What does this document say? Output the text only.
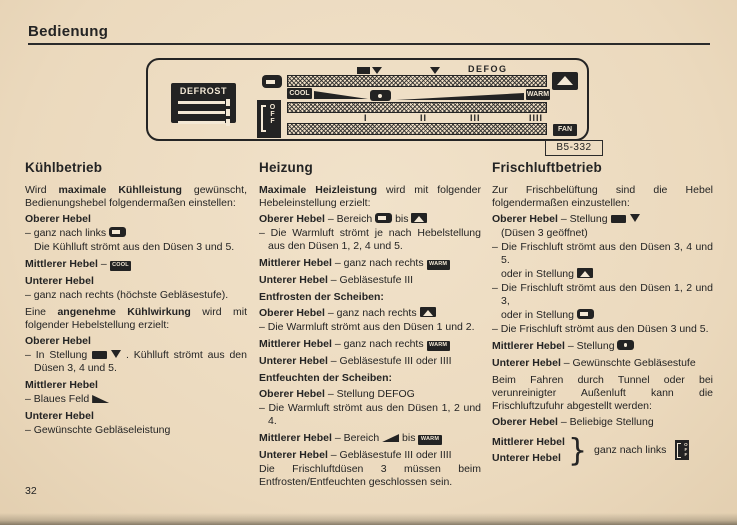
Bedienung
DEFROST
OFF
DEFOG
COOL	WARM
I	II	III	IIII
FAN
B5-332
Kühlbetrieb

Wird maximale Kühlleistung gewünscht, Bedienungshebel folgendermaßen einstellen:

Oberer Hebel

– ganz nach links

Die Kühlluft strömt aus den Düsen 3 und 5.

Mittlerer Hebel – COOL

Unterer Hebel

– ganz nach rechts (höchste Gebläsestufe).

Eine angenehme Kühlwirkung wird mit folgender Hebelstellung erzielt:

Oberer Hebel

– In Stellung	. Kühlluft strömt aus den Düsen 3, 4 und 5.

Mittlerer Hebel

– Blaues Feld

Unterer Hebel

– Gewünschte Gebläseleistung

Heizung

Maximale Heizleistung wird mit folgender Hebeleinstellung erzielt:

Oberer Hebel – Bereich  bis

– Die Warmluft strömt je nach Hebelstellung aus den Düsen 1, 2, 4 und 5.

Mittlerer Hebel – ganz nach rechts WARM

Unterer Hebel – Gebläsestufe III

Entfrosten der Scheiben:

Oberer Hebel – ganz nach rechts

– Die Warmluft strömt aus den Düsen 1 und 2.

Mittlerer Hebel – ganz nach rechts WARM

Unterer Hebel – Gebläsestufe III oder IIII

Entfeuchten der Scheiben:

Oberer Hebel – Stellung DEFOG

– Die Warmluft strömt aus den Düsen 1, 2 und 4.

Mittlerer Hebel – Bereich  bis WARM

Unterer Hebel – Gebläsestufe III oder IIII

Die Frischluftdüsen 3 müssen beim Entfrosten/Entfeuchten geschlossen sein.

Frischluftbetrieb

Zur Frischbelüftung sind die Hebel folgendermaßen einzustellen:

Oberer Hebel – Stellung

(Düsen 3 geöffnet)

– Die Frischluft strömt aus den Düsen 3, 4 und 5.

oder in Stellung

– Die Frischluft strömt aus den Düsen 1, 2 und 3,

oder in Stellung

– Die Frischluft strömt aus den Düsen 3 und 5.

Mittlerer Hebel – Stellung

Unterer Hebel – Gewünschte Gebläsestufe

Beim Fahren durch Tunnel oder bei verunreinigter Außenluft kann die Frischluftzufuhr abgestellt werden:

Oberer Hebel – Beliebige Stellung

Mittlerer Hebel
Unterer Hebel } ganz nach links	OFF
32
